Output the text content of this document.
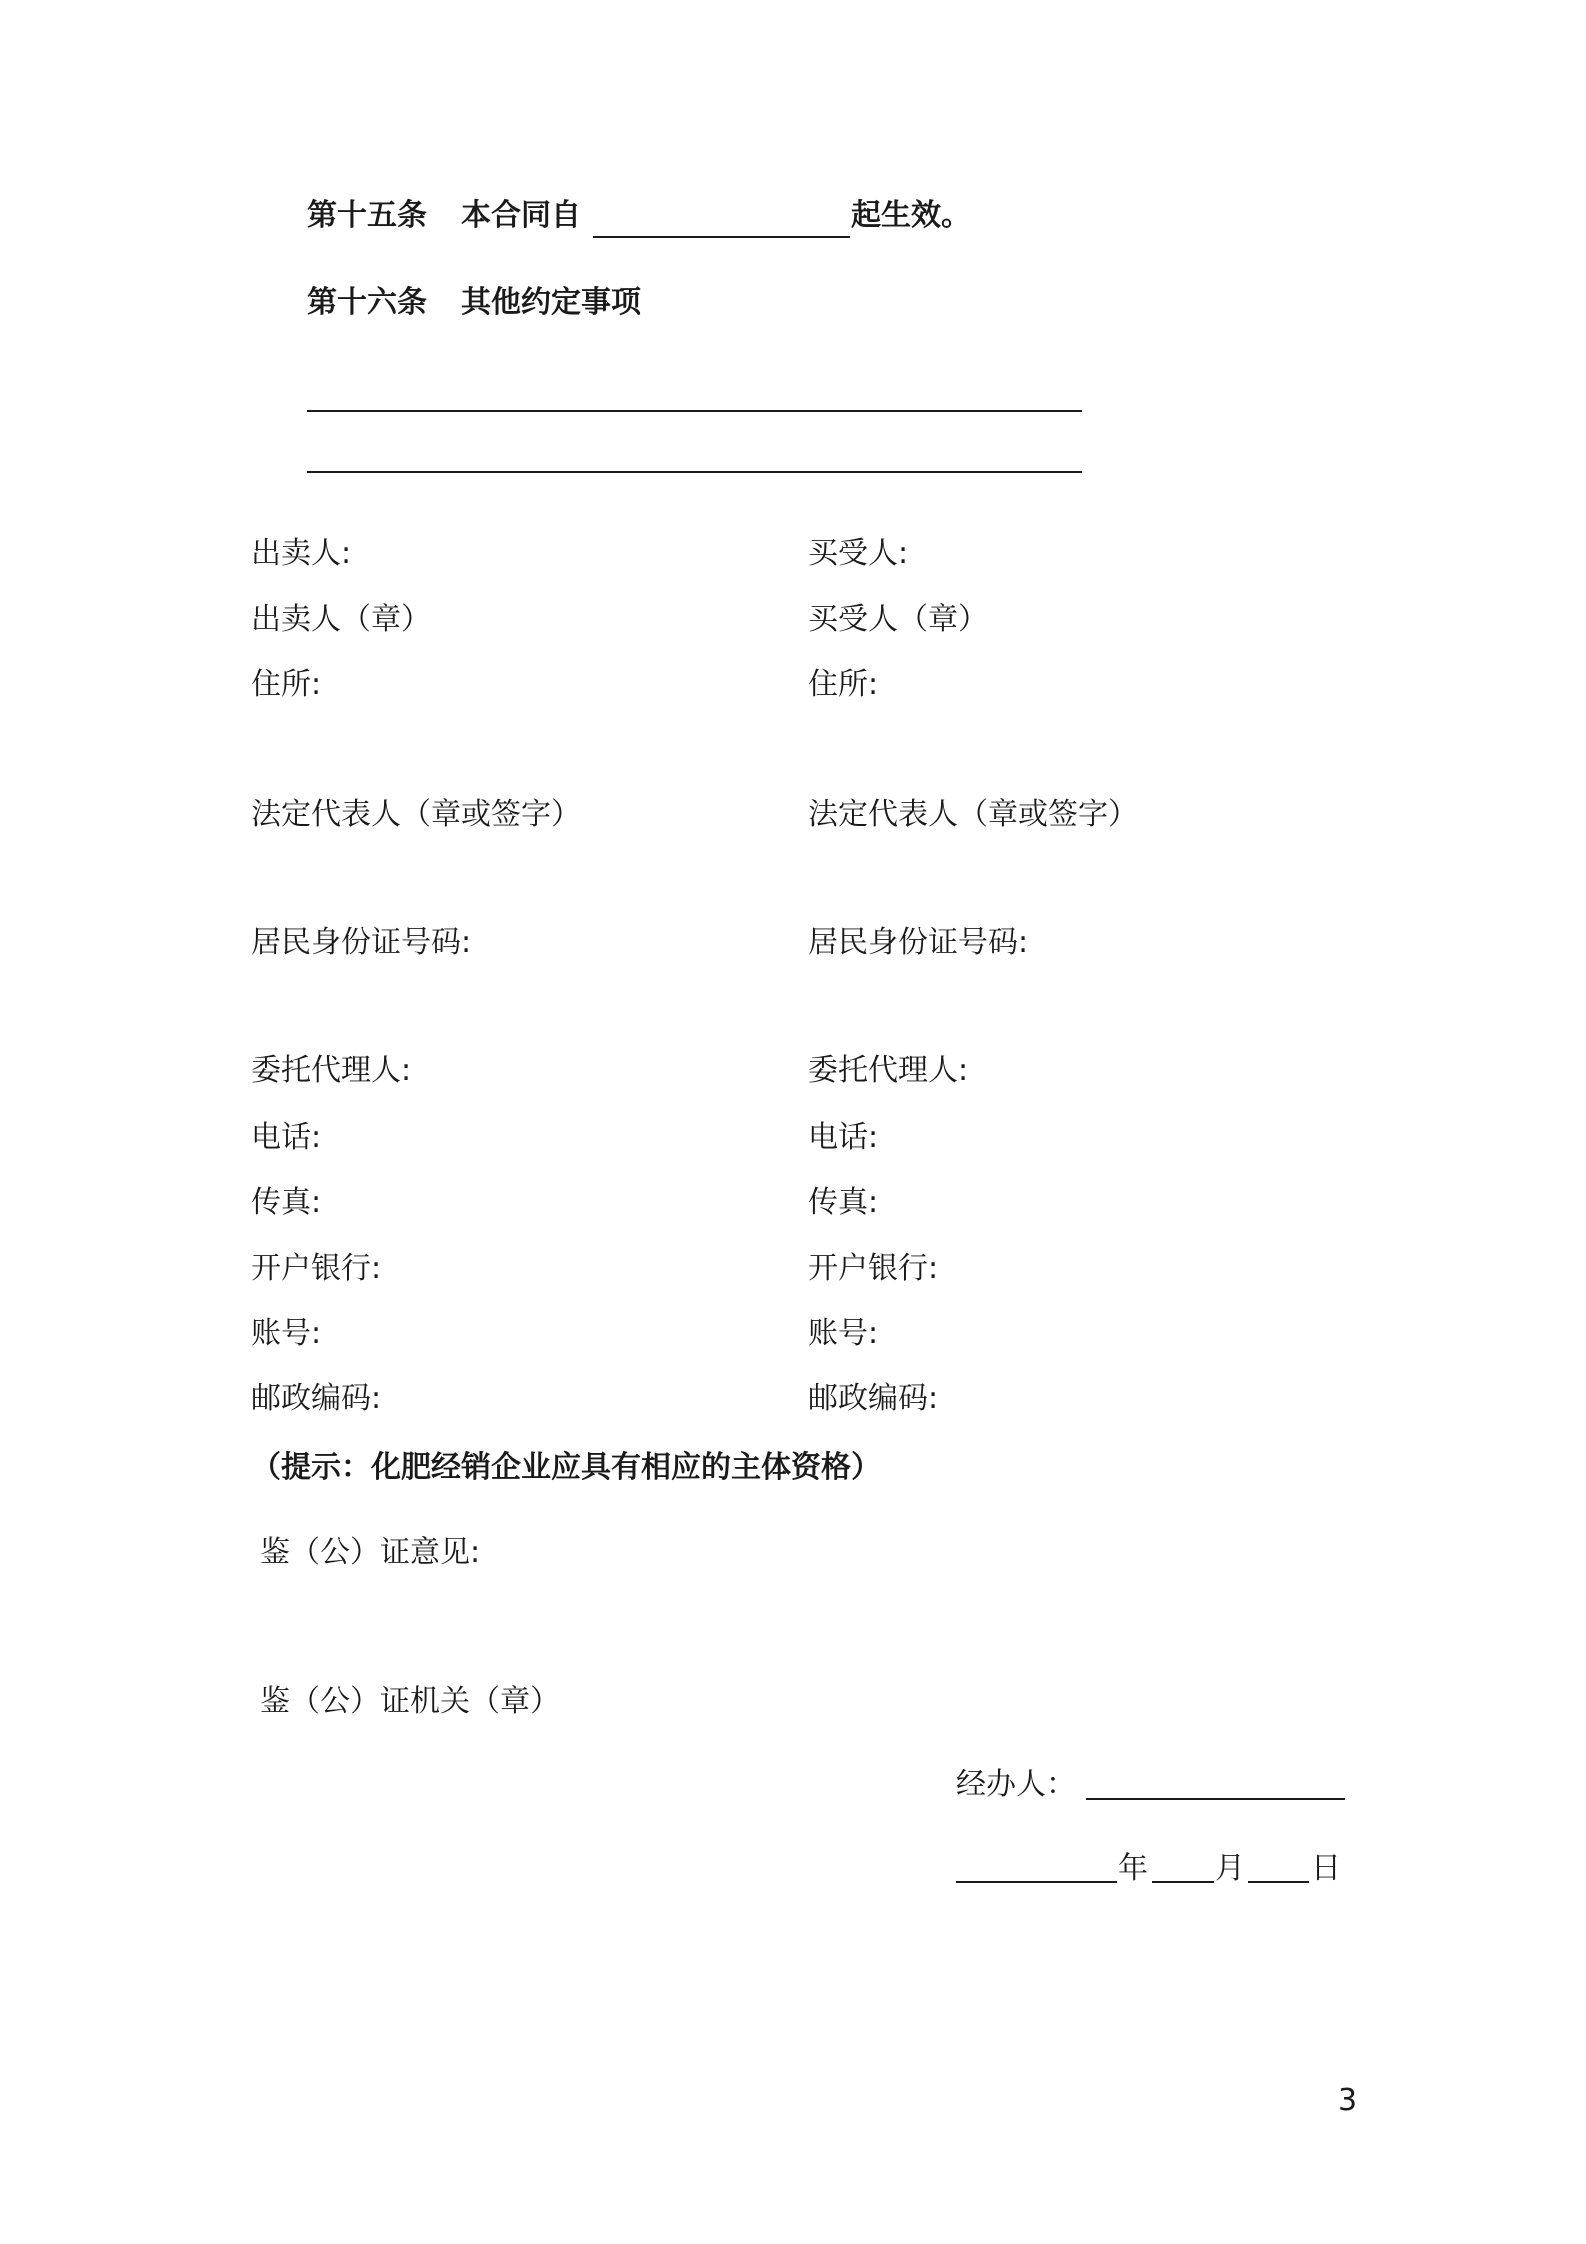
第十五条 本合同自	起生效。
第十六条 其他约定事项
出卖人:
出卖人（章）
住所:
法定代表人（章或签字）
居民身份证号码:
委托代理人:
电话:
传真:
开户银行:
账号:
邮政编码:
买受人:
买受人（章）
住所:
法定代表人（章或签字）
居民身份证号码:
委托代理人:
电话:
传真:
开户银行:
账号:
邮政编码:
（提示：化肥经销企业应具有相应的主体资格）
鉴（公）证意见:
鉴（公）证机关（章）
经办人：
年 月 日
3
